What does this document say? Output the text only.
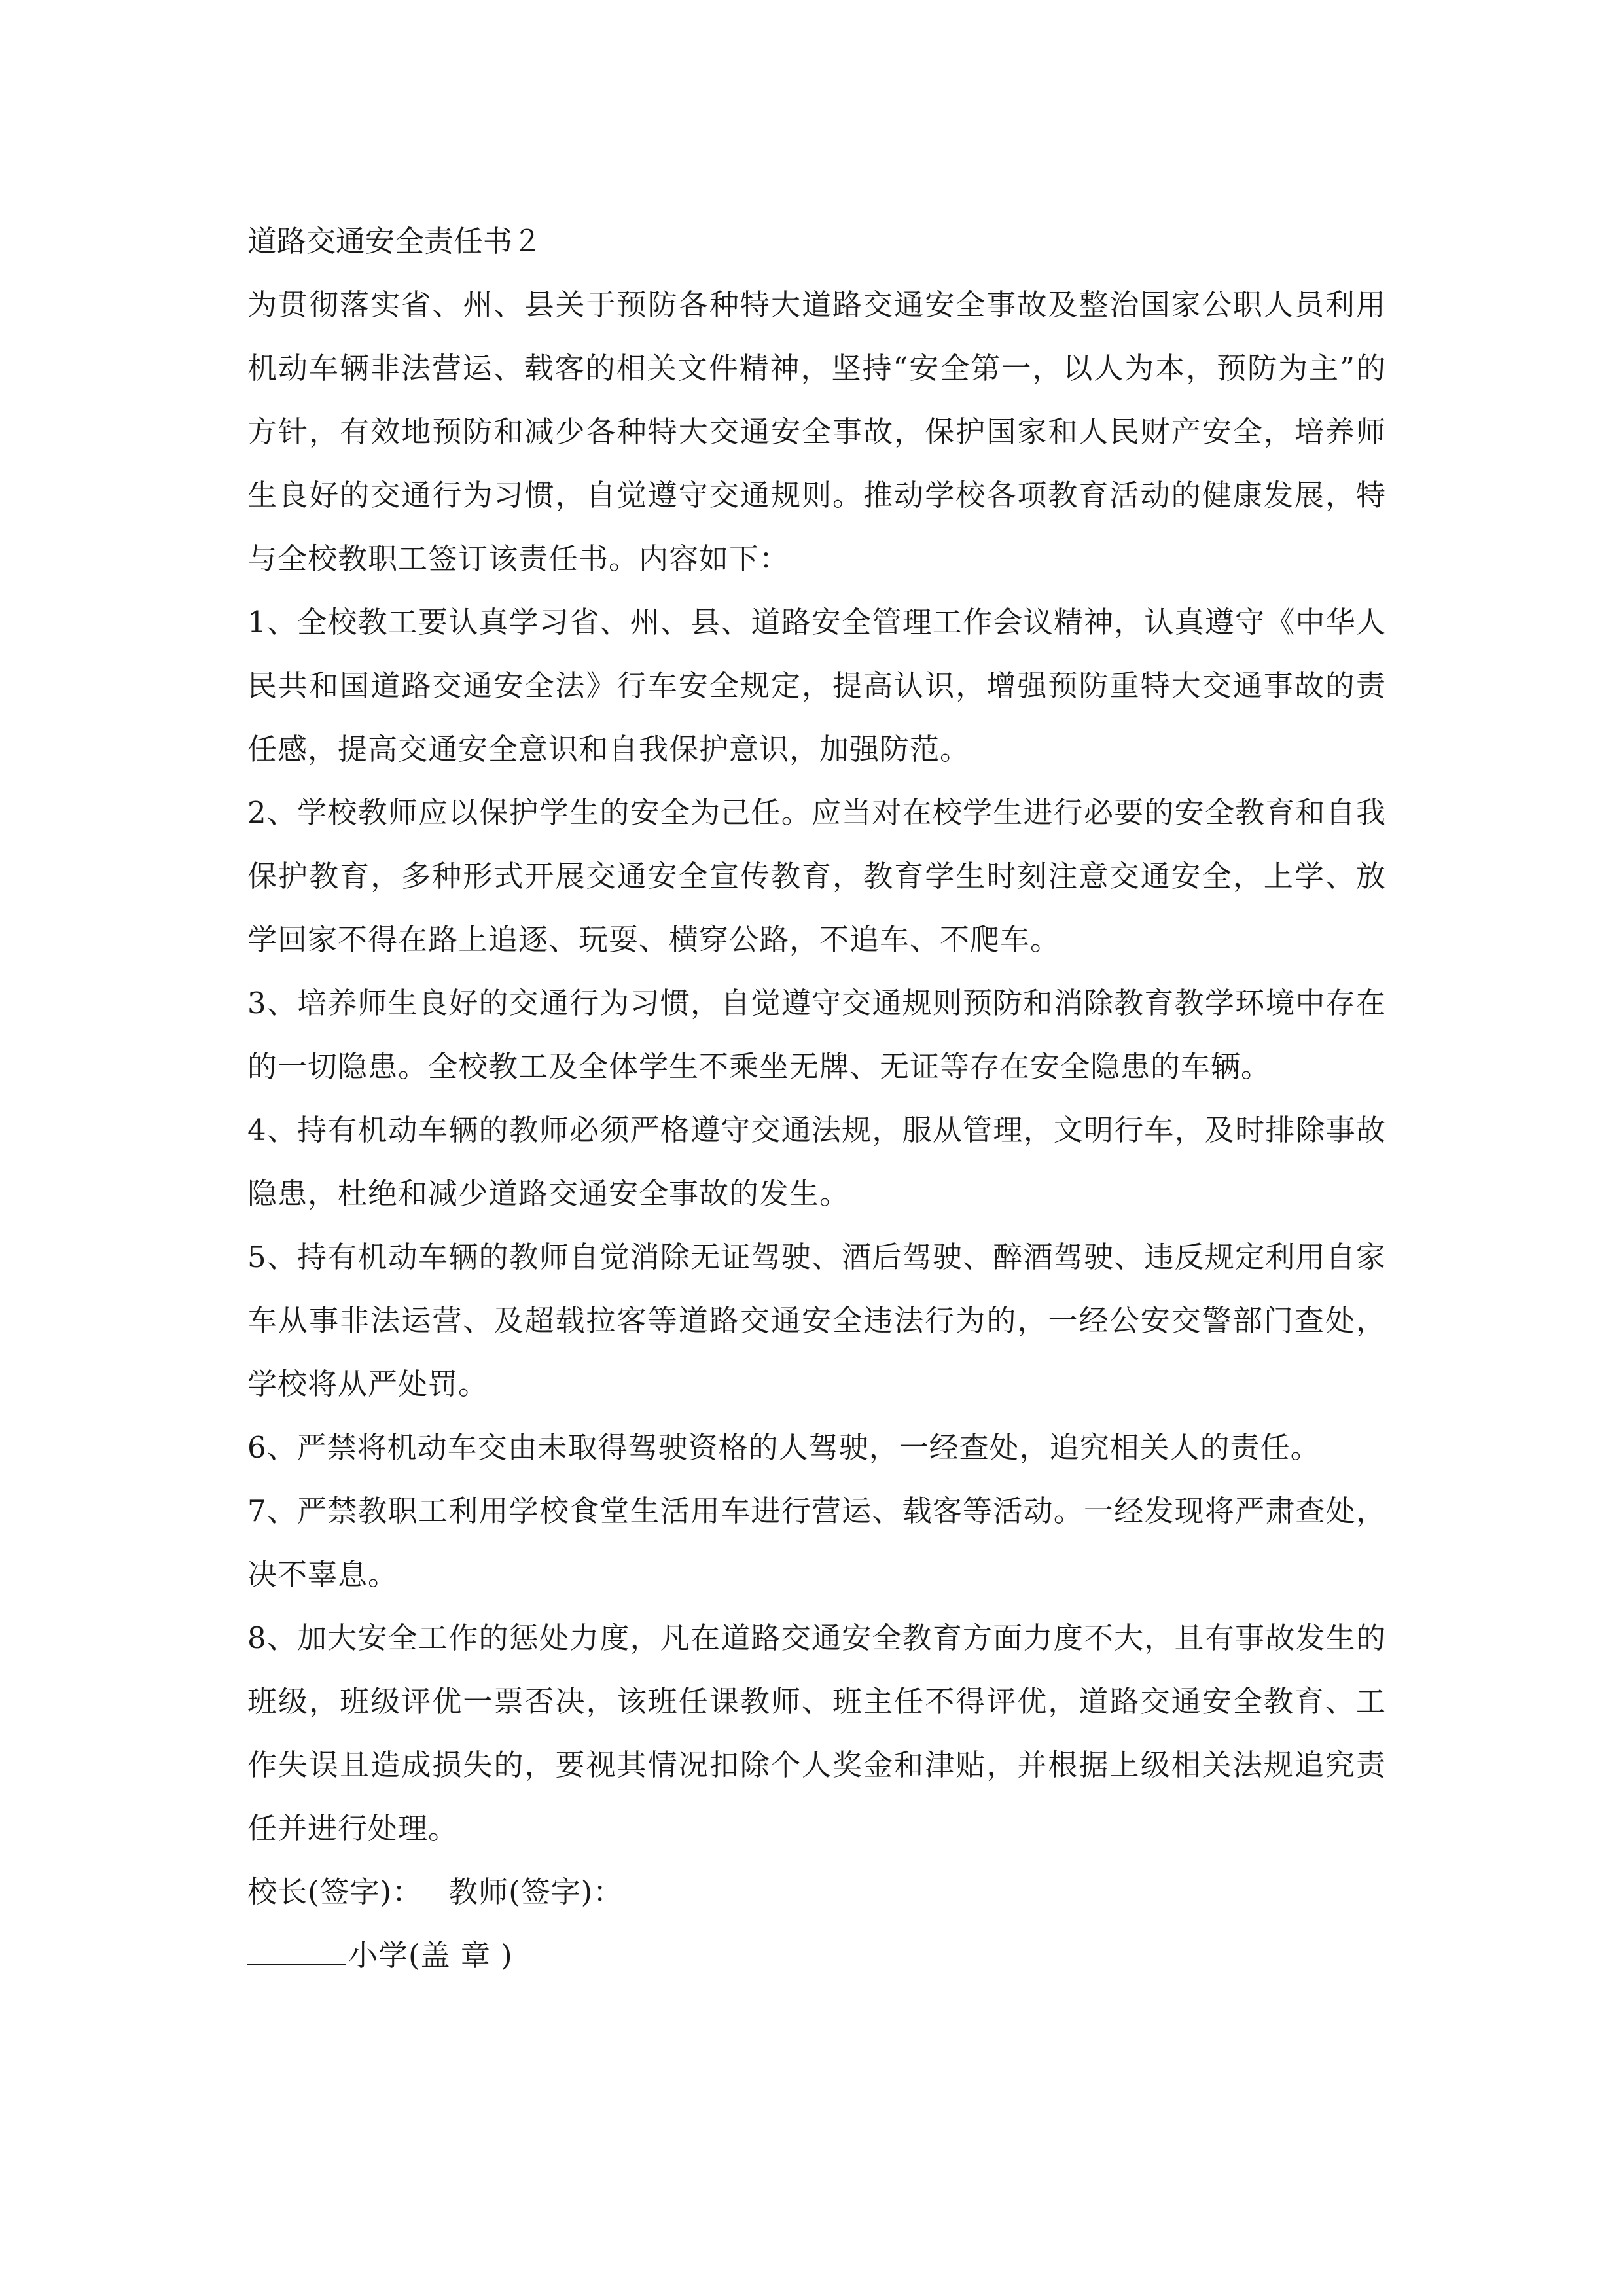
道路交通安全责任书２

为贯彻落实省、州、县关于预防各种特大道路交通安全事故及整治国家公职人员利用机动车辆非法营运、载客的相关文件精神，坚持“安全第一，以人为本，预防为主”的方针，有效地预防和减少各种特大交通安全事故，保护国家和人民财产安全，培养师生良好的交通行为习惯，自觉遵守交通规则。推动学校各项教育活动的健康发展，特与全校教职工签订该责任书。内容如下：

1、全校教工要认真学习省、州、县、道路安全管理工作会议精神，认真遵守《中华人民共和国道路交通安全法》行车安全规定，提高认识，增强预防重特大交通事故的责任感，提高交通安全意识和自我保护意识，加强防范。

2、学校教师应以保护学生的安全为己任。应当对在校学生进行必要的安全教育和自我保护教育，多种形式开展交通安全宣传教育，教育学生时刻注意交通安全，上学、放学回家不得在路上追逐、玩耍、横穿公路，不追车、不爬车。

3、培养师生良好的交通行为习惯，自觉遵守交通规则预防和消除教育教学环境中存在的一切隐患。全校教工及全体学生不乘坐无牌、无证等存在安全隐患的车辆。

4、持有机动车辆的教师必须严格遵守交通法规，服从管理，文明行车，及时排除事故隐患，杜绝和减少道路交通安全事故的发生。

5、持有机动车辆的教师自觉消除无证驾驶、酒后驾驶、醉酒驾驶、违反规定利用自家车从事非法运营、及超载拉客等道路交通安全违法行为的，一经公安交警部门查处，学校将从严处罚。

6、严禁将机动车交由未取得驾驶资格的人驾驶，一经查处，追究相关人的责任。

7、严禁教职工利用学校食堂生活用车进行营运、载客等活动。一经发现将严肃查处，决不辜息。

8、加大安全工作的惩处力度，凡在道路交通安全教育方面力度不大，且有事故发生的班级，班级评优一票否决，该班任课教师、班主任不得评优，道路交通安全教育、工作失误且造成损失的，要视其情况扣除个人奖金和津贴，并根据上级相关法规追究责任并进行处理。

校长(签字)： 教师(签字)：

小学(盖 章 )
